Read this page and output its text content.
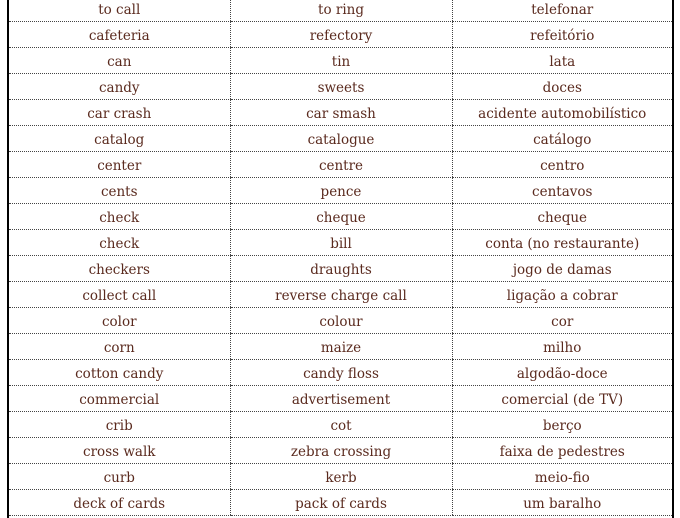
to call	to ring	telefonar
cafeteria	refectory	refeitório
can	tin	lata
candy	sweets	doces
car crash	car smash	acidente automobilístico
catalog	catalogue	catálogo
center	centre	centro
cents	pence	centavos
check	cheque	cheque
check	bill	conta (no restaurante)
checkers	draughts	jogo de damas
collect call	reverse charge call	ligação a cobrar
color	colour	cor
corn	maize	milho
cotton candy	candy floss	algodão-doce
commercial	advertisement	comercial (de TV)
crib	cot	berço
cross walk	zebra crossing	faixa de pedestres
curb	kerb	meio-fio
deck of cards	pack of cards	um baralho
